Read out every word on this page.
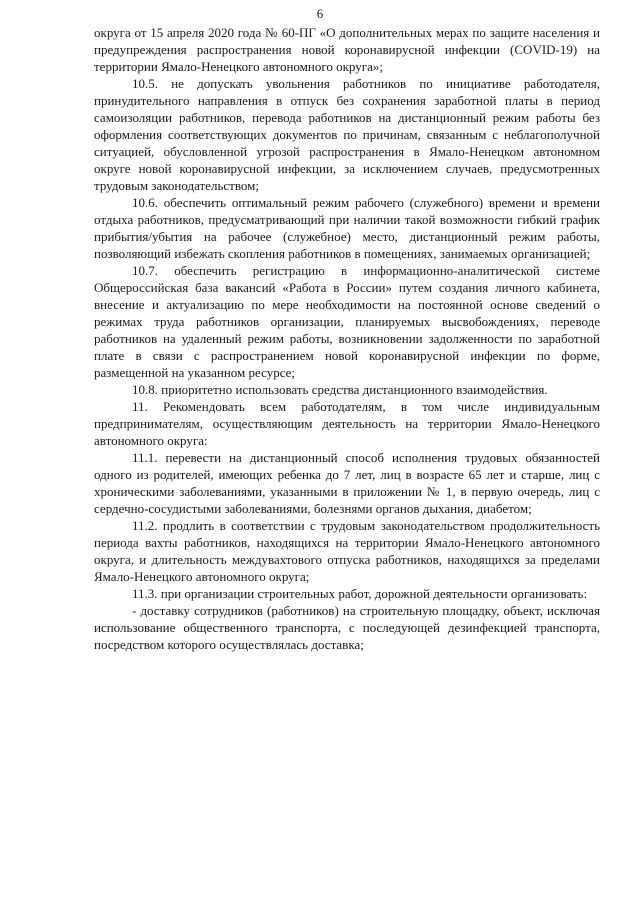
6

округа от 15 апреля 2020 года № 60-ПГ «О дополнительных мерах по защите населения и предупреждения распространения новой коронавирусной инфекции (COVID-19) на территории Ямало-Ненецкого автономного округа»;

10.5. не допускать увольнения работников по инициативе работодателя, принудительного направления в отпуск без сохранения заработной платы в период самоизоляции работников, перевода работников на дистанционный режим работы без оформления соответствующих документов по причинам, связанным с неблагополучной ситуацией, обусловленной угрозой распространения в Ямало-Ненецком автономном округе новой коронавирусной инфекции, за исключением случаев, предусмотренных трудовым законодательством;

10.6. обеспечить оптимальный режим рабочего (служебного) времени и времени отдыха работников, предусматривающий при наличии такой возможности гибкий график прибытия/убытия на рабочее (служебное) место, дистанционный режим работы, позволяющий избежать скопления работников в помещениях, занимаемых организацией;

10.7. обеспечить регистрацию в информационно-аналитической системе Общероссийская база вакансий «Работа в России» путем создания личного кабинета, внесение и актуализацию по мере необходимости на постоянной основе сведений о режимах труда работников организации, планируемых высвобождениях, переводе работников на удаленный режим работы, возникновении задолженности по заработной плате в связи с распространением новой коронавирусной инфекции по форме, размещенной на указанном ресурсе;

10.8. приоритетно использовать средства дистанционного взаимодействия.

11. Рекомендовать всем работодателям, в том числе индивидуальным предпринимателям, осуществляющим деятельность на территории Ямало-Ненецкого автономного округа:

11.1. перевести на дистанционный способ исполнения трудовых обязанностей одного из родителей, имеющих ребенка до 7 лет, лиц в возрасте 65 лет и старше, лиц с хроническими заболеваниями, указанными в приложении № 1, в первую очередь, лиц с сердечно-сосудистыми заболеваниями, болезнями органов дыхания, диабетом;

11.2. продлить в соответствии с трудовым законодательством продолжительность периода вахты работников, находящихся на территории Ямало-Ненецкого автономного округа, и длительность междувахтового отпуска работников, находящихся за пределами Ямало-Ненецкого автономного округа;

11.3. при организации строительных работ, дорожной деятельности организовать:

- доставку сотрудников (работников) на строительную площадку, объект, исключая использование общественного транспорта, с последующей дезинфекцией транспорта, посредством которого осуществлялась доставка;
